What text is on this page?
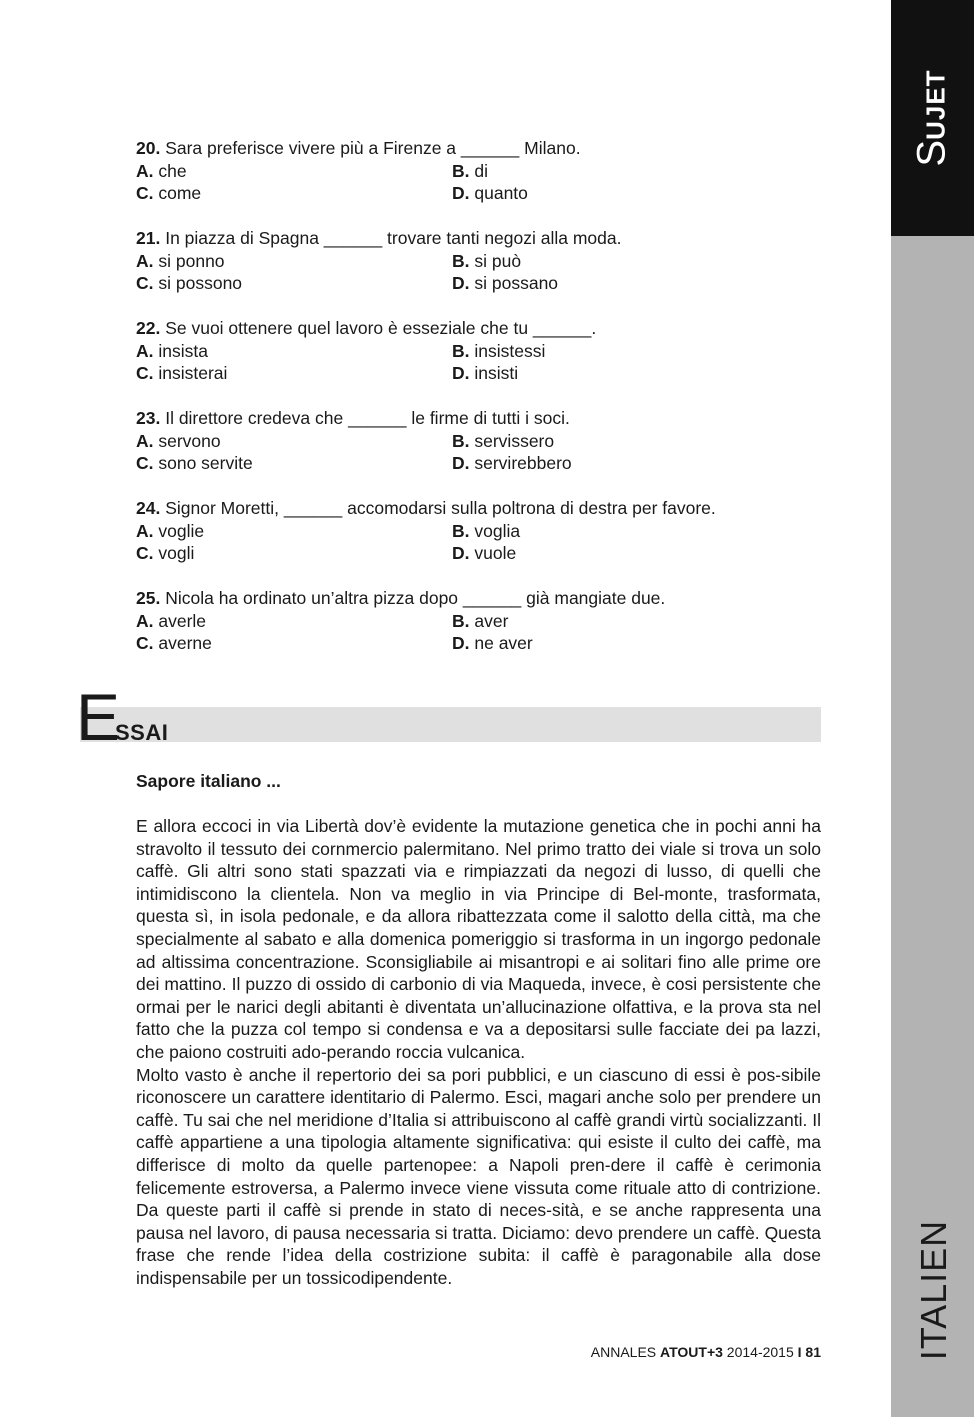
SUJET
ITALIEN
20. Sara preferisce vivere più a Firenze a ______ Milano.
A. che	B. di
C. come	D. quanto
21. In piazza di Spagna ______ trovare tanti negozi alla moda.
A. si ponno	B. si può
C. si possono	D. si possano
22. Se vuoi ottenere quel lavoro è esseziale che tu ______.
A. insista	B. insistessi
C. insisterai	D. insisti
23. Il direttore credeva che ______ le firme di tutti i soci.
A. servono	B. servissero
C. sono servite	D. servirebbero
24. Signor Moretti, ______ accomodarsi sulla poltrona di destra per favore.
A. voglie	B. voglia
C. vogli	D. vuole
25. Nicola ha ordinato un’altra pizza dopo ______ già mangiate due.
A. averle	B. aver
C. averne	D. ne aver
E
SSAI
Sapore italiano ...

E allora eccoci in via Libertà dov’è evidente la mutazione genetica che in pochi anni ha stravolto il tessuto dei cornmercio palermitano. Nel primo tratto dei viale si trova un solo caffè. Gli altri sono stati spazzati via e rimpiazzati da negozi di lusso, di quelli che intimidiscono la clientela. Non va meglio in via Principe di Bel-monte, trasformata, questa sì, in isola pedonale, e da allora ribattezzata come il salotto della città, ma che specialmente al sabato e alla domenica pomeriggio si trasforma in un ingorgo pedonale ad altissima concentrazione. Sconsigliabile ai misantropi e ai solitari fino alle prime ore dei mattino. Il puzzo di ossido di carbonio di via Maqueda, invece, è cosi persistente che ormai per le narici degli abitanti è diventata un’allucinazione olfattiva, e la prova sta nel fatto che la puzza col tempo si condensa e va a depositarsi sulle facciate dei pa lazzi, che paiono costruiti ado-perando roccia vulcanica.

Molto vasto è anche il repertorio dei sa pori pubblici, e un ciascuno di essi è pos-sibile riconoscere un carattere identitario di Palermo. Esci, magari anche solo per prendere un caffè. Tu sai che nel meridione d’Italia si attribuiscono al caffè grandi virtù socializzanti. Il caffè appartiene a una tipologia altamente significativa: qui esiste il culto dei caffè, ma differisce di molto da quelle partenopee: a Napoli pren-dere il caffè è cerimonia felicemente estroversa, a Palermo invece viene vissuta come rituale atto di contrizione. Da queste parti il caffè si prende in stato di neces-sità, e se anche rappresenta una pausa nel lavoro, di pausa necessaria si tratta. Diciamo: devo prendere un caffè. Questa frase che rende l’idea della costrizione subita: il caffè è paragonabile alla dose indispensabile per un tossicodipendente.

ANNALES ATOUT+3 2014-2015 I 81
